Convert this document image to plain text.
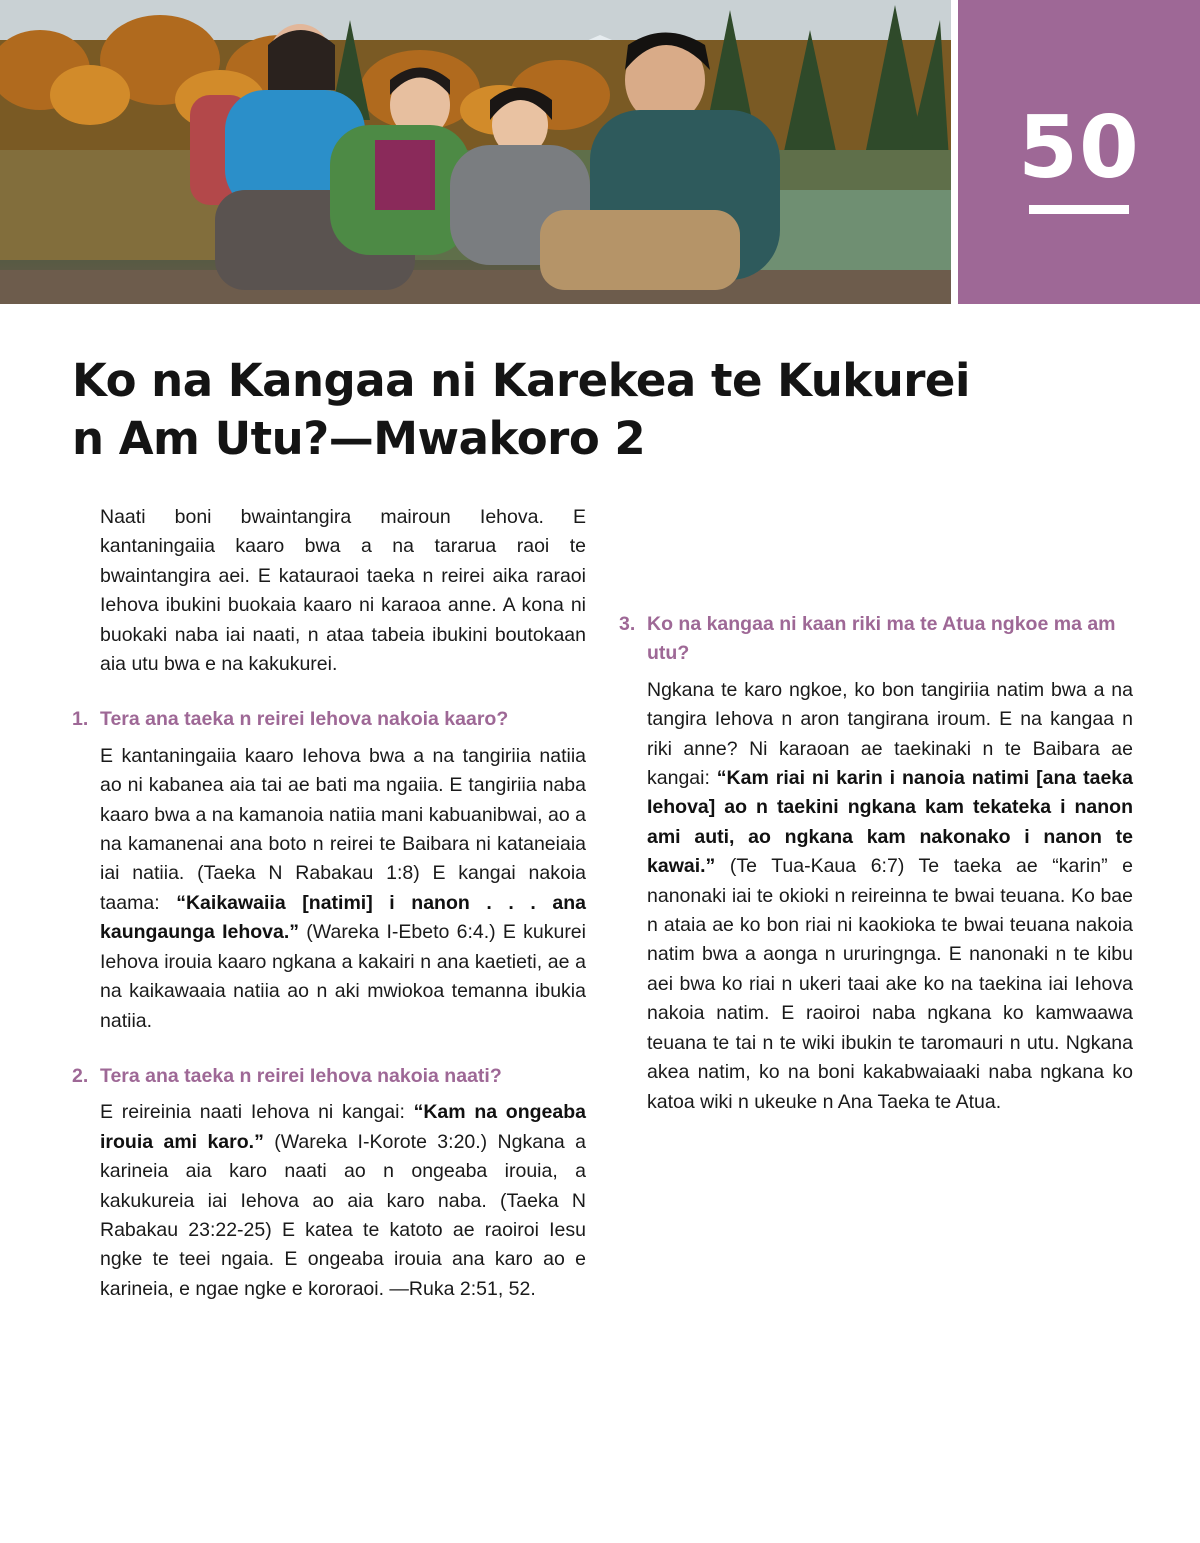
50
Ko na Kangaa ni Karekea te Kukurei
n Am Utu?—Mwakoro 2

Naati boni bwaintangira mairoun Iehova. E kantaningaiia kaaro bwa a na tararua raoi te bwaintangira aei. E katauraoi taeka n reirei aika raraoi Iehova ibukini buokaia kaaro ni karaoa anne. A kona ni buokaki naba iai naati, n ataa tabeia ibukini boutokaan aia utu bwa e na kakukurei.

1. Tera ana taeka n reirei Iehova nakoia kaaro?

E kantaningaiia kaaro Iehova bwa a na tangiriia natiia ao ni kabanea aia tai ae bati ma ngaiia. E tangiriia naba kaaro bwa a na kamanoia natiia mani kabuanibwai, ao a na kamanenai ana boto n reirei te Baibara ni kataneiaia iai natiia. (Taeka N Rabakau 1:8) E kangai nakoia taama: “Kaikawaiia [natimi] i nanon . . . ana kaungaunga Iehova.” (Wareka I-Ebeto 6:4.) E kukurei Iehova irouia kaaro ngkana a kakairi n ana kaetieti, ae a na kaikawaaia natiia ao n aki mwiokoa temanna ibukia natiia.

2. Tera ana taeka n reirei Iehova nakoia naati?

E reireinia naati Iehova ni kangai: “Kam na ongeaba irouia ami karo.” (Wareka I-Korote 3:20.) Ngkana a karineia aia karo naati ao n ongeaba irouia, a kakukureia iai Iehova ao aia karo naba. (Taeka N Rabakau 23:22-25) E katea te katoto ae raoiroi Iesu ngke te teei ngaia. E ongeaba irouia ana karo ao e karineia, e ngae ngke e kororaoi. —Ruka 2:51, 52.

3. Ko na kangaa ni kaan riki ma te Atua ngkoe ma am utu?

Ngkana te karo ngkoe, ko bon tangiriia natim bwa a na tangira Iehova n aron tangirana iroum. E na kangaa n riki anne? Ni karaoan ae taekinaki n te Baibara ae kangai: “Kam riai ni karin i nanoia natimi [ana taeka Iehova] ao n taekini ngkana kam tekateka i nanon ami auti, ao ngkana kam nakonako i nanon te kawai.” (Te Tua-Kaua 6:7) Te taeka ae “karin” e nanonaki iai te okioki n reireinna te bwai teuana. Ko bae n ataia ae ko bon riai ni kaokioka te bwai teuana nakoia natim bwa a aonga n ururingnga. E nanonaki n te kibu aei bwa ko riai n ukeri taai ake ko na taekina iai Iehova nakoia natim. E raoiroi naba ngkana ko kamwaawa teuana te tai n te wiki ibukin te taromauri n utu. Ngkana akea natim, ko na boni kakabwaiaaki naba ngkana ko katoa wiki n ukeuke n Ana Taeka te Atua.
